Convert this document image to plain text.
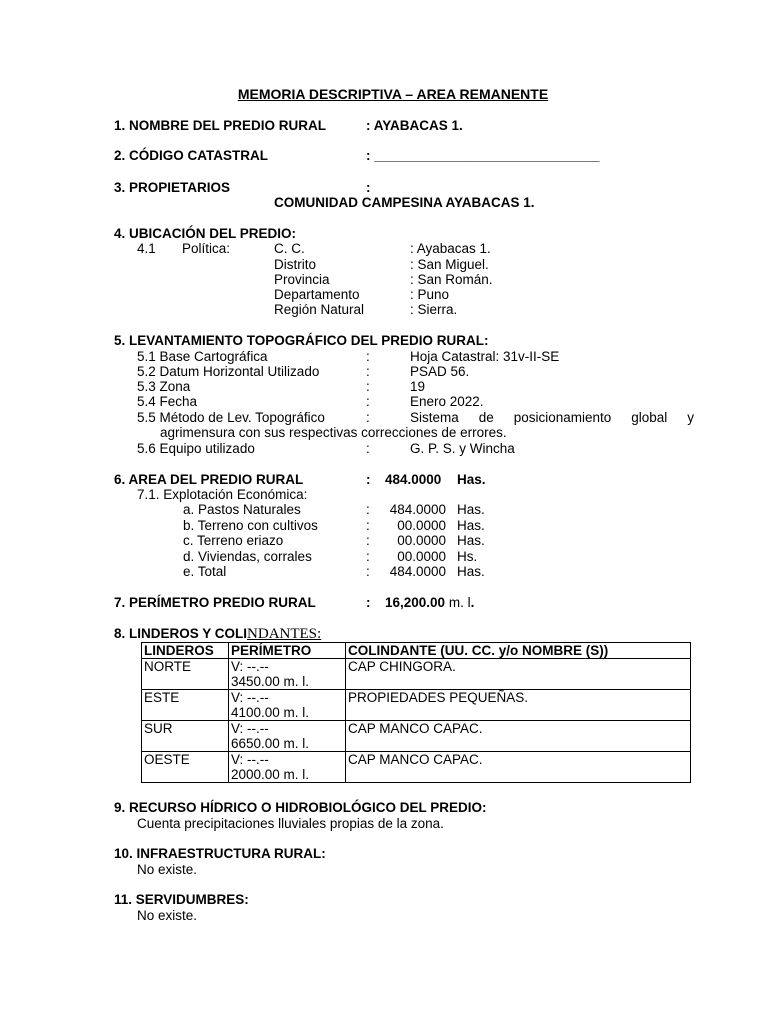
MEMORIA DESCRIPTIVA – AREA REMANENTE
1. NOMBRE DEL PREDIO RURAL	: AYABACAS 1.
2. CÓDIGO CATASTRAL	: ______________________________
3. PROPIETARIOS	:
COMUNIDAD CAMPESINA AYABACAS 1.
4. UBICACIÓN DEL PREDIO:
4.1 Política:	C. C.	: Ayabacas 1.
Distrito	: San Miguel.
Provincia	: San Román.
Departamento	: Puno
Región Natural	: Sierra.
5. LEVANTAMIENTO TOPOGRÁFICO DEL PREDIO RURAL:
5.1 Base Cartográfica	:	Hoja Catastral: 31v-II-SE
5.2 Datum Horizontal Utilizado	:	PSAD 56.
5.3 Zona	:	19
5.4 Fecha	:	Enero 2022.
5.5 Método de Lev. Topográfico	:	Sistema de posicionamiento global y
agrimensura con sus respectivas correcciones de errores.
5.6 Equipo utilizado	:	G. P. S. y Wincha
6. AREA DEL PREDIO RURAL	: 484.0000 Has.
7.1. Explotación Económica:
a. Pastos Naturales	:	484.0000 Has.
b. Terreno con cultivos	:	00.0000 Has.
c. Terreno eriazo	:	00.0000 Has.
d. Viviendas, corrales	:	00.0000 Hs.
e. Total	:	484.0000 Has.
7. PERÍMETRO PREDIO RURAL	: 16,200.00 m. l.
8. LINDEROS Y COLINDANTES:
LINDEROS	PERÍMETRO	COLINDANTE (UU. CC. y/o NOMBRE (S))
NORTE	V: --.--
3450.00 m. l.	CAP CHINGORA.
ESTE	V: --.--
4100.00 m. l.	PROPIEDADES PEQUEÑAS.
SUR	V: --.--
6650.00 m. l.	CAP MANCO CAPAC.
OESTE	V: --.--
2000.00 m. l.	CAP MANCO CAPAC.
9. RECURSO HÍDRICO O HIDROBIOLÓGICO DEL PREDIO:
Cuenta precipitaciones lluviales propias de la zona.
10. INFRAESTRUCTURA RURAL:
No existe.
11. SERVIDUMBRES:
No existe.
